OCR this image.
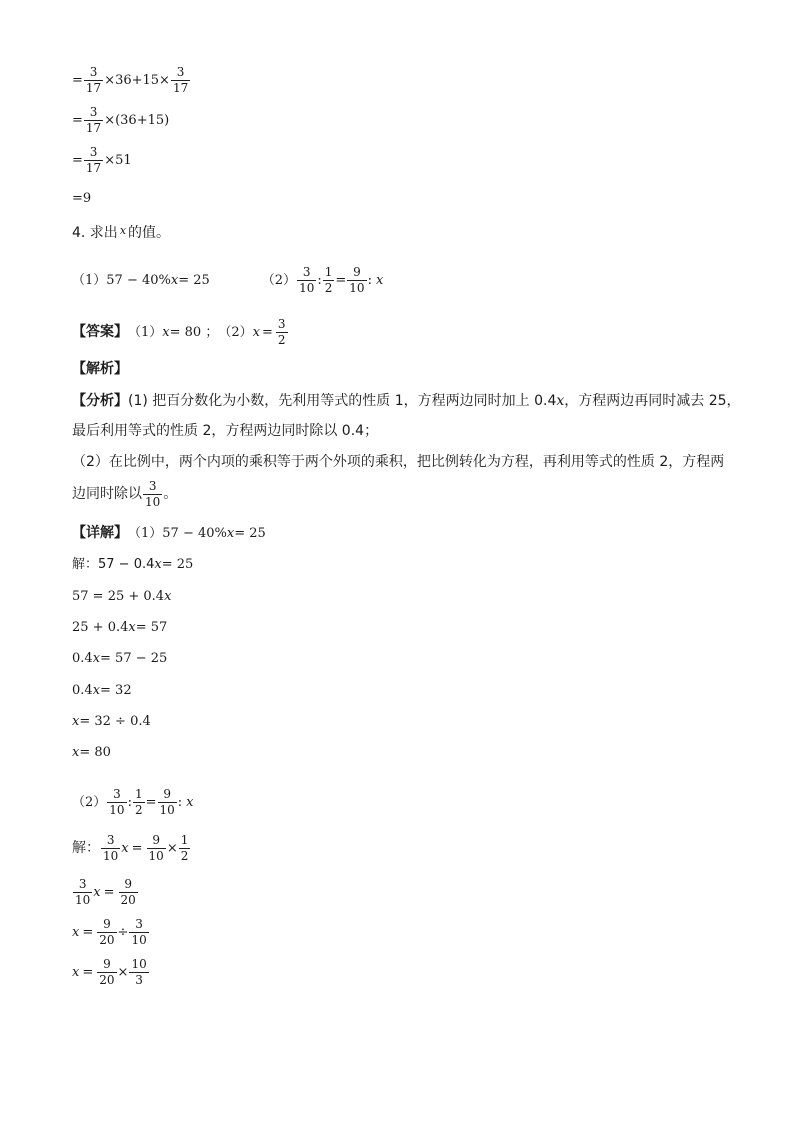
= $\frac{3}{17} \times 36+15\times \frac{3}{17}$
= $\frac{3}{17} \times(36+15)$
= $\frac{3}{17} \times 51$
= 9
4. 求出 x 的值。
（1） 57 − 40% x = 25	$(2) \frac{3}{10}$ : $\frac{1}{2} = \frac{9}{10}$ : x
【答案】 （1） x = 80 ； （2） $x = \frac{3}{2}$
【解析】
【分析】 (1) 把百分数化为小数，先利用等式的性质 1，方程两边同时加上 0.4 x ，方程两边再同时减去 25，
最后利用等式的性质 2，方程两边同时除以 0.4；
（2）在比例中，两个内项的乘积等于两个外项的乘积，把比例转化为方程，再利用等式的性质 2，方程两
边同时除以 $\frac{3}{10}$ 。
【详解】 （1） 57 − 40% x = 25
解：57 − 0.4 x = 25
57 = 25 + 0.4 x
25 + 0.4 x = 57
0.4 x = 57 − 25
0.4 x = 32
x = 32 ÷ 0.4
x = 80
$(2) \frac{3}{10}$ : $\frac{1}{2} = \frac{9}{10}$ : x
解： $\frac{3}{10}$ $x = \frac{9}{10} \times \frac{1}{2}$
$\frac{3}{10}$ $x = \frac{9}{20}$
$x = \frac{9}{20} \div \frac{3}{10}$
$x = \frac{9}{20} \times \frac{10}{3}$
